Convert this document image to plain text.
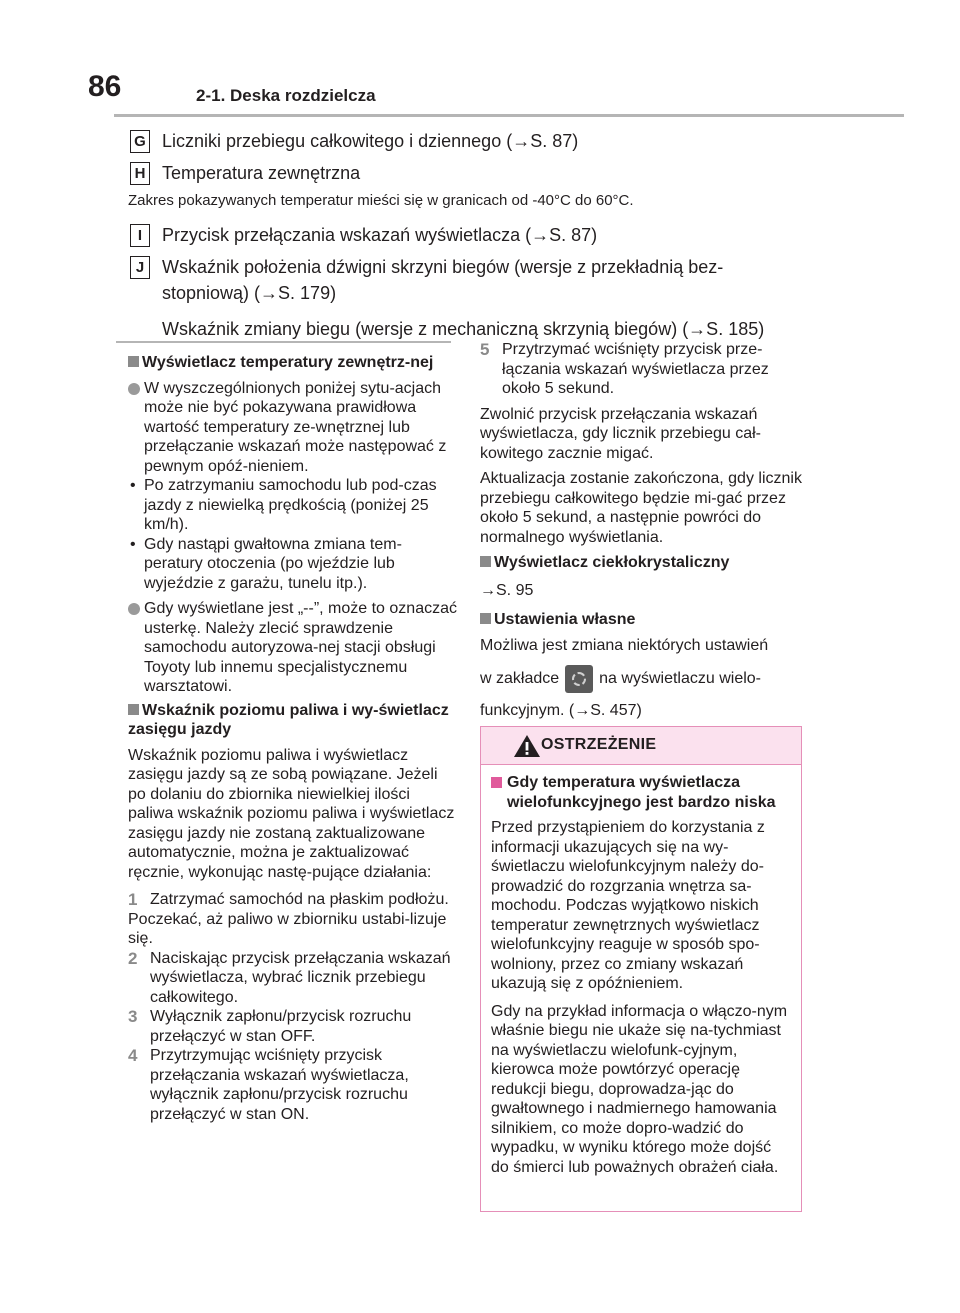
86	2-1. Deska rozdzielcza
G Liczniki przebiegu całkowitego i dziennego (→S. 87)
H Temperatura zewnętrzna
Zakres pokazywanych temperatur mieści się w granicach od -40°C do 60°C.
I	Przycisk przełączania wskazań wyświetlacza (→S. 87)
J Wskaźnik położenia dźwigni skrzyni biegów (wersje z przekładnią bez-
stopniową) (→S. 179)
Wskaźnik zmiany biegu (wersje z mechaniczną skrzynią biegów) (→S. 185)
Wyświetlacz temperatury zewnętrz-nej
W wyszczególnionych poniżej sytu-acjach może nie być pokazywana prawidłowa wartość temperatury ze-wnętrznej lub przełączanie wskazań może następować z pewnym opóź-nieniem.
• Po zatrzymaniu samochodu lub pod-czas jazdy z niewielką prędkością (poniżej 25 km/h).
• Gdy nastąpi gwałtowna zmiana tem-peratury otoczenia (po wjeździe lub wyjeździe z garażu, tunelu itp.).
Gdy wyświetlane jest „--”, może to oznaczać usterkę. Należy zlecić sprawdzenie samochodu autoryzowa-nej stacji obsługi Toyoty lub innemu specjalistycznemu warsztatowi.
Wskaźnik poziomu paliwa i wy-świetlacz zasięgu jazdy
Wskaźnik poziomu paliwa i wyświetlacz zasięgu jazdy są ze sobą powiązane. Jeżeli po dolaniu do zbiornika niewielkiej ilości paliwa wskaźnik poziomu paliwa i wyświetlacz zasięgu jazdy nie zostaną zaktualizowane automatycznie, można je zaktualizować ręcznie, wykonując nastę-pujące działania:
1 Zatrzymać samochód na płaskim podłożu.
Poczekać, aż paliwo w zbiorniku ustabi-lizuje się.
2 Naciskając przycisk przełączania wskazań wyświetlacza, wybrać licznik przebiegu całkowitego.
3 Wyłącznik zapłonu/przycisk rozruchu przełączyć w stan OFF.
4 Przytrzymując wciśnięty przycisk przełączania wskazań wyświetlacza, wyłącznik zapłonu/przycisk rozruchu przełączyć w stan ON.
5 Przytrzymać wciśnięty przycisk prze-łączania wskazań wyświetlacza przez około 5 sekund.
Zwolnić przycisk przełączania wskazań wyświetlacza, gdy licznik przebiegu cał-kowitego zacznie migać.
Aktualizacja zostanie zakończona, gdy licznik przebiegu całkowitego będzie mi-gać przez około 5 sekund, a następnie powróci do normalnego wyświetlania.
Wyświetlacz ciekłokrystaliczny
→S. 95
Ustawienia własne
Możliwa jest zmiana niektórych ustawień
w zakładce	na wyświetlaczu wielo-
funkcyjnym. (→S. 457)
OSTRZEŻENIE
Gdy temperatura wyświetlacza wielofunkcyjnego jest bardzo niska
Przed przystąpieniem do korzystania z informacji ukazujących się na wy-świetlaczu wielofunkcyjnym należy do-prowadzić do rozgrzania wnętrza sa-mochodu. Podczas wyjątkowo niskich temperatur zewnętrznych wyświetlacz wielofunkcyjny reaguje w sposób spo-wolniony, przez co zmiany wskazań ukazują się z opóźnieniem.
Gdy na przykład informacja o włączo-nym właśnie biegu nie ukaże się na-tychmiast na wyświetlaczu wielofunk-cyjnym, kierowca może powtórzyć operację redukcji biegu, doprowadza-jąc do gwałtownego i nadmiernego hamowania silnikiem, co może dopro-wadzić do wypadku, w wyniku którego może dojść do śmierci lub poważnych obrażeń ciała.
